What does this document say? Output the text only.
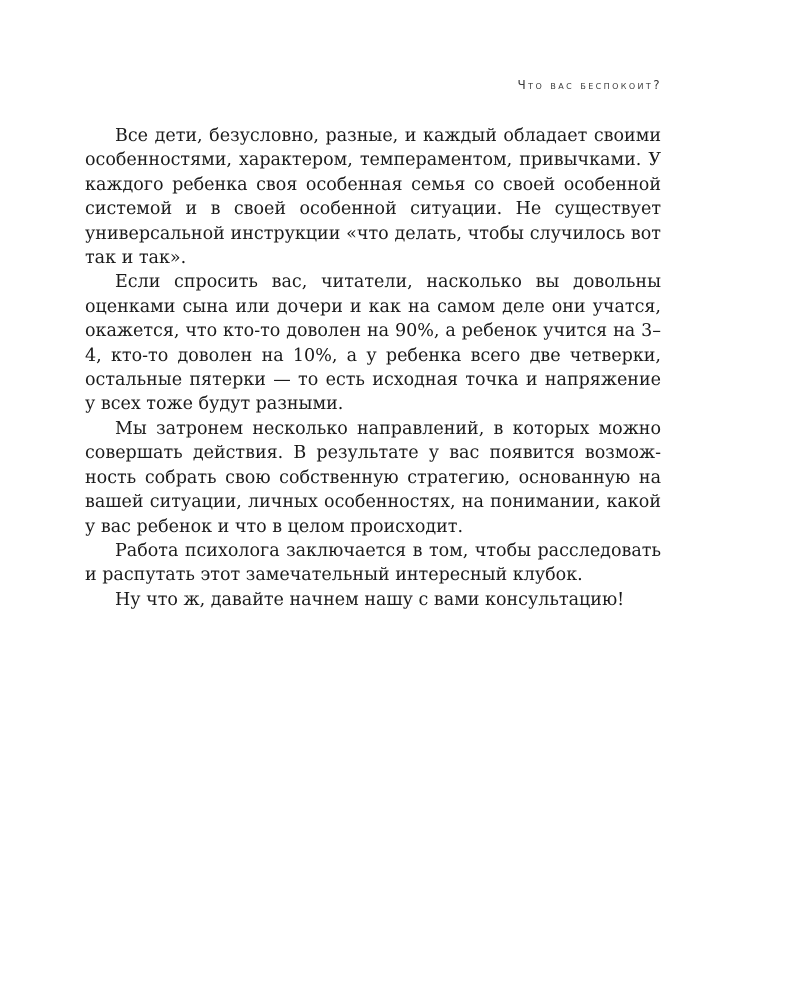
Что вас беспокоит?

Все дети, безусловно, разные, и каждый обладает своими особенностями, характером, темпераментом, привычками. У каждого ребенка своя особенная семья со своей особенной системой и в своей особенной ситуации. Не существует универсальной инструкции «что делать, чтобы случилось вот так и так».

Если спросить вас, читатели, насколько вы довольны оценками сына или дочери и как на самом деле они учатся, окажется, что кто-то доволен на 90%, а ребенок учится на 3–4, кто-то доволен на 10%, а у ребенка всего две четверки, остальные пятерки — то есть исходная точка и напряжение у всех тоже будут разными.

Мы затронем несколько направлений, в которых можно совершать действия. В результате у вас появится возможность собрать свою собственную стратегию, основанную на вашей ситуации, личных особенностях, на понимании, какой у вас ребенок и что в целом происходит.

Работа психолога заключается в том, чтобы расследовать и распутать этот замечательный интересный клубок.

Ну что ж, давайте начнем нашу с вами консультацию!
